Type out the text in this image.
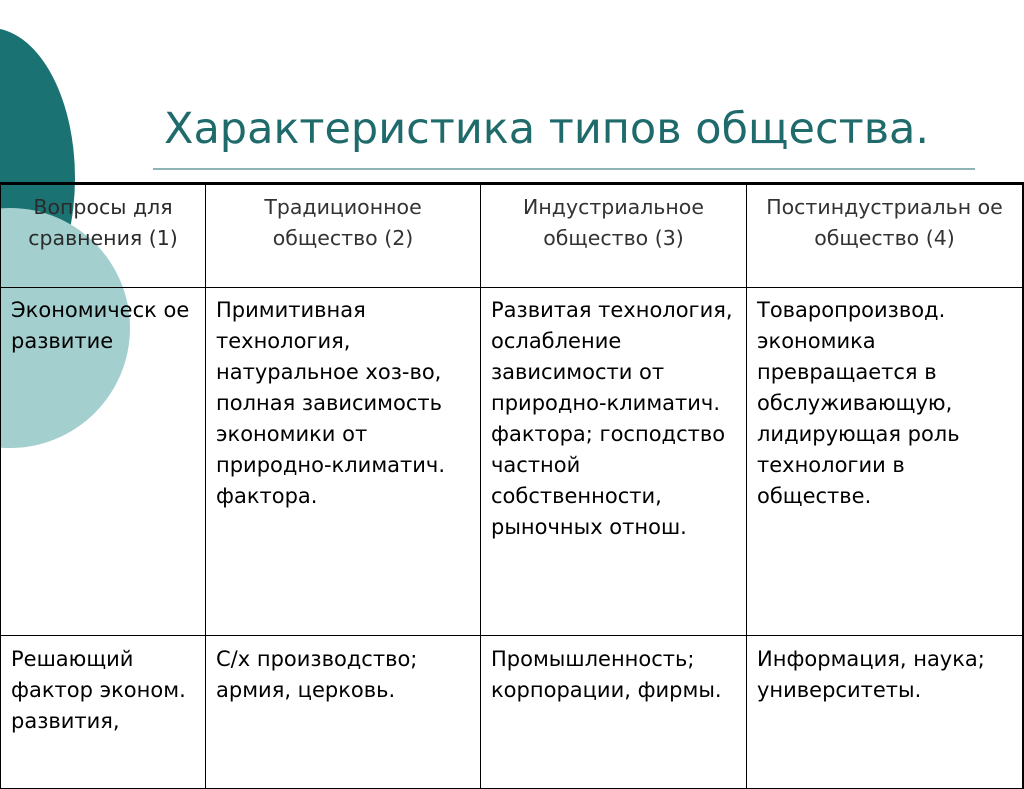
Характеристика типов общества.
Вопросы для сравнения (1)	Традиционное общество (2)	Индустриальное общество (3)	Постиндустриальн ое общество (4)
Экономическ ое развитие	Примитивная технология, натуральное хоз-во, полная зависимость экономики от природно-климатич. фактора.	Развитая технология, ослабление зависимости от природно-климатич. фактора; господство частной собственности, рыночных отнош.	Товаропроизвод. экономика превращается в обслуживающую, лидирующая роль технологии в обществе.
Решающий фактор эконом. развития,	С/х производство; армия, церковь.	Промышленность; корпорации, фирмы.	Информация, наука; университеты.
